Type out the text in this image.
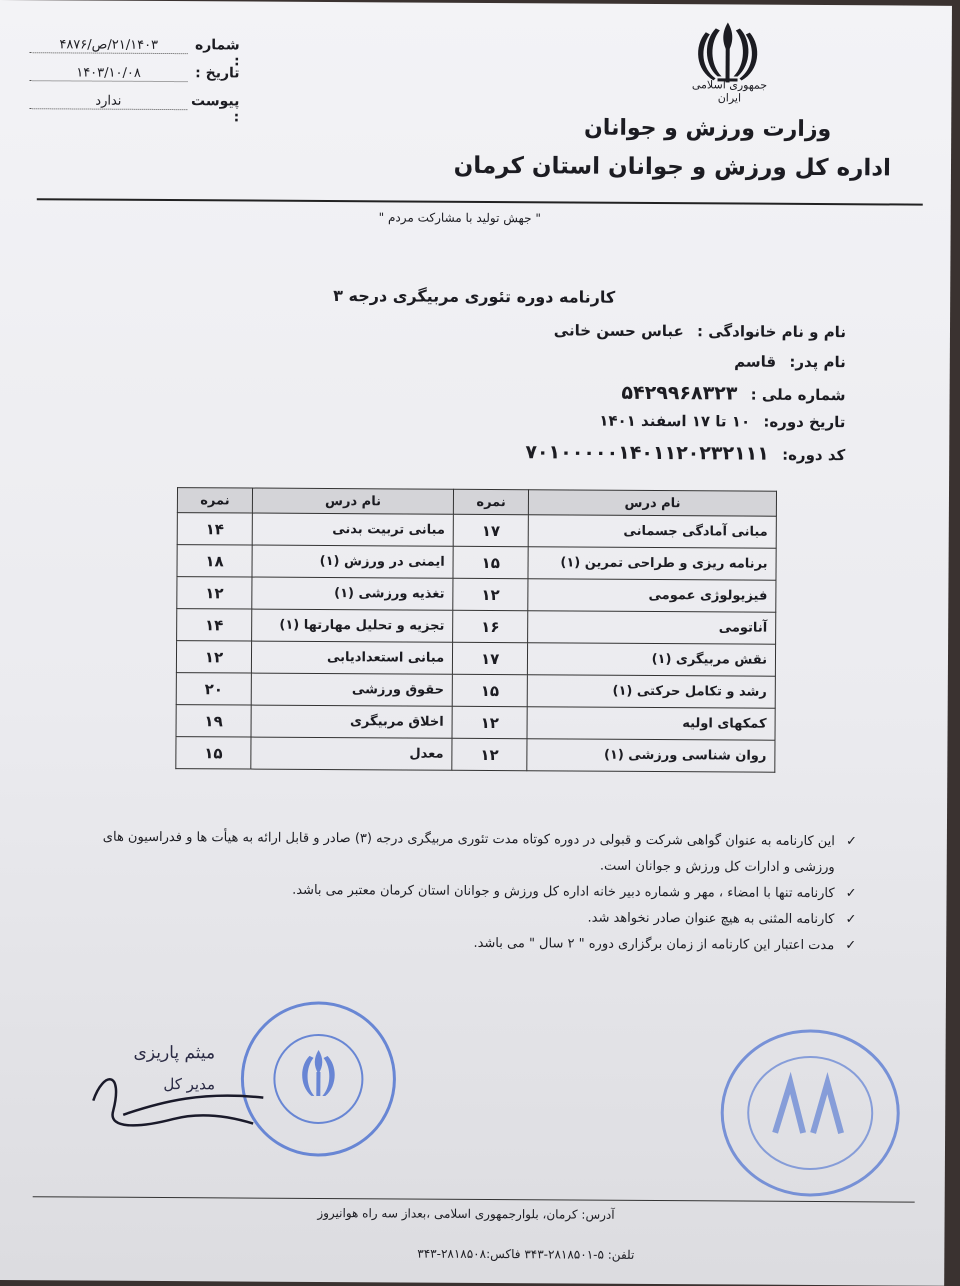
جمهوری اسلامی ایران
وزارت ورزش و جوانان
اداره کل ورزش و جوانان استان کرمان
شماره :
۲۱/۱۴۰۳/ص/۴۸۷۶
تاریخ :
۱۴۰۳/۱۰/۰۸
پیوست :
ندارد
" جهش تولید با مشارکت مردم "
کارنامه دوره تئوری مربیگری درجه ۳
نام و نام خانوادگی : عباس حسن خانی
نام پدر: قاسم
شماره ملی : ۵۴۲۹۹۶۸۳۲۳
تاریخ دوره: ۱۰ تا ۱۷ اسفند ۱۴۰۱
کد دوره: ۷۰۱۰۰۰۰۰۱۴۰۱۱۲۰۲۳۲۱۱۱
نام درس	نمره	نام درس	نمره
مبانی آمادگی جسمانی	۱۷	مبانی تربیت بدنی	۱۴
برنامه ریزی و طراحی تمرین (۱)	۱۵	ایمنی در ورزش (۱)	۱۸
فیزیولوژی عمومی	۱۲	تغذیه ورزشی (۱)	۱۲
آناتومی	۱۶	تجزیه و تحلیل مهارتها (۱)	۱۴
نقش مربیگری (۱)	۱۷	مبانی استعدادیابی	۱۲
رشد و تکامل حرکتی (۱)	۱۵	حقوق ورزشی	۲۰
کمکهای اولیه	۱۲	اخلاق مربیگری	۱۹
روان شناسی ورزشی (۱)	۱۲	معدل	۱۵
✓
این کارنامه به عنوان گواهی شرکت و قبولی در دوره کوتاه مدت تئوری مربیگری درجه (۳) صادر و قابل ارائه به هیأت ها و فدراسیون های ورزشی و ادارات کل ورزش و جوانان است.
✓
کارنامه تنها با امضاء ، مهر و شماره دبیر خانه اداره کل ورزش و جوانان استان کرمان معتبر می باشد.
✓
کارنامه المثنی به هیچ عنوان صادر نخواهد شد.
✓
مدت اعتبار این کارنامه از زمان برگزاری دوره " ۲ سال " می باشد.
میثم پاریزی
مدیر کل
آدرس: کرمان، بلوارجمهوری اسلامی ،بعداز سه راه هوانیروز
تلفن: ۵-۲۸۱۸۵۰۱-۳۴۳ فاکس:۲۸۱۸۵۰۸-۳۴۳
